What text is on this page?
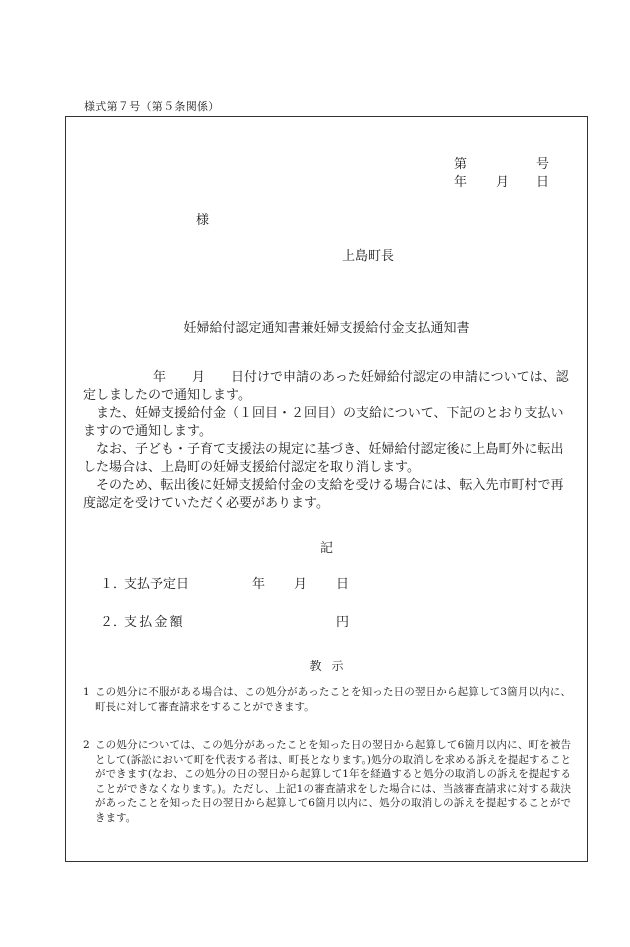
様式第７号（第５条関係）
第	号
年 月 日
様
上島町長
妊婦給付認定通知書兼妊婦支援給付金支払通知書

年　　月　　日付けで申請のあった妊婦給付認定の申請については、認定しましたので通知します。

また、妊婦支援給付金（１回目・２回目）の支給について、下記のとおり支払いますので通知します。

なお、子ども・子育て支援法の規定に基づき、妊婦給付認定後に上島町外に転出した場合は、上島町の妊婦支援給付認定を取り消します。

そのため、転出後に妊婦支援給付金の支給を受ける場合には、転入先市町村で再度認定を受けていただく必要があります。

記
１．
支払予定日	年 月 日
２．
支払金額	円
教示
1 この処分に不服がある場合は、この処分があったことを知った日の翌日から起算して3箇月以内に、町長に対して審査請求をすることができます。
2 この処分については、この処分があったことを知った日の翌日から起算して6箇月以内に、町を被告として(訴訟において町を代表する者は、町長となります。)処分の取消しを求める訴えを提起することができます(なお、この処分の日の翌日から起算して1年を経過すると処分の取消しの訴えを提起することができなくなります。)。ただし、上記1の審査請求をした場合には、当該審査請求に対する裁決があったことを知った日の翌日から起算して6箇月以内に、処分の取消しの訴えを提起することができます。
